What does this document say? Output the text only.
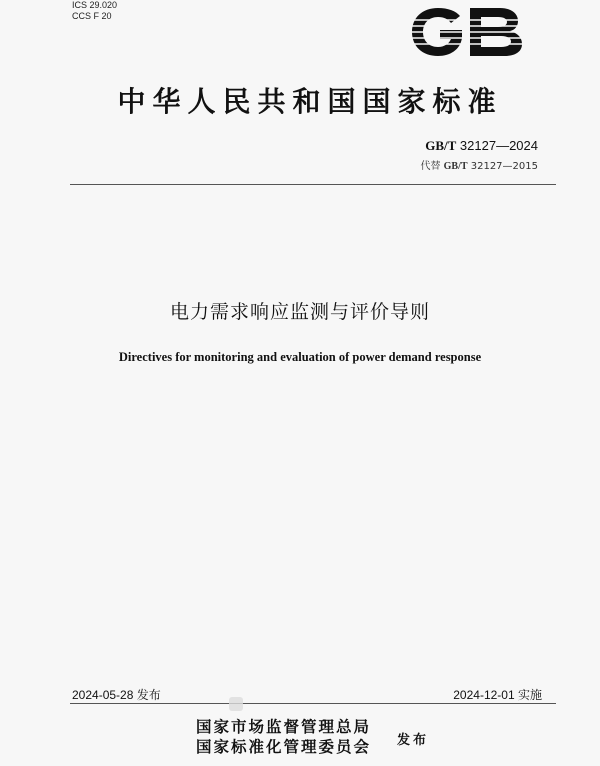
ICS 29.020
CCS F 20
中华人民共和国国家标准
GB/T 32127—2024
代替 GB/T 32127—2015
电力需求响应监测与评价导则
Directives for monitoring and evaluation of power demand response
2024-05-28 发布	2024-12-01 实施
国家市场监督管理总局
国家标准化管理委员会 发布
